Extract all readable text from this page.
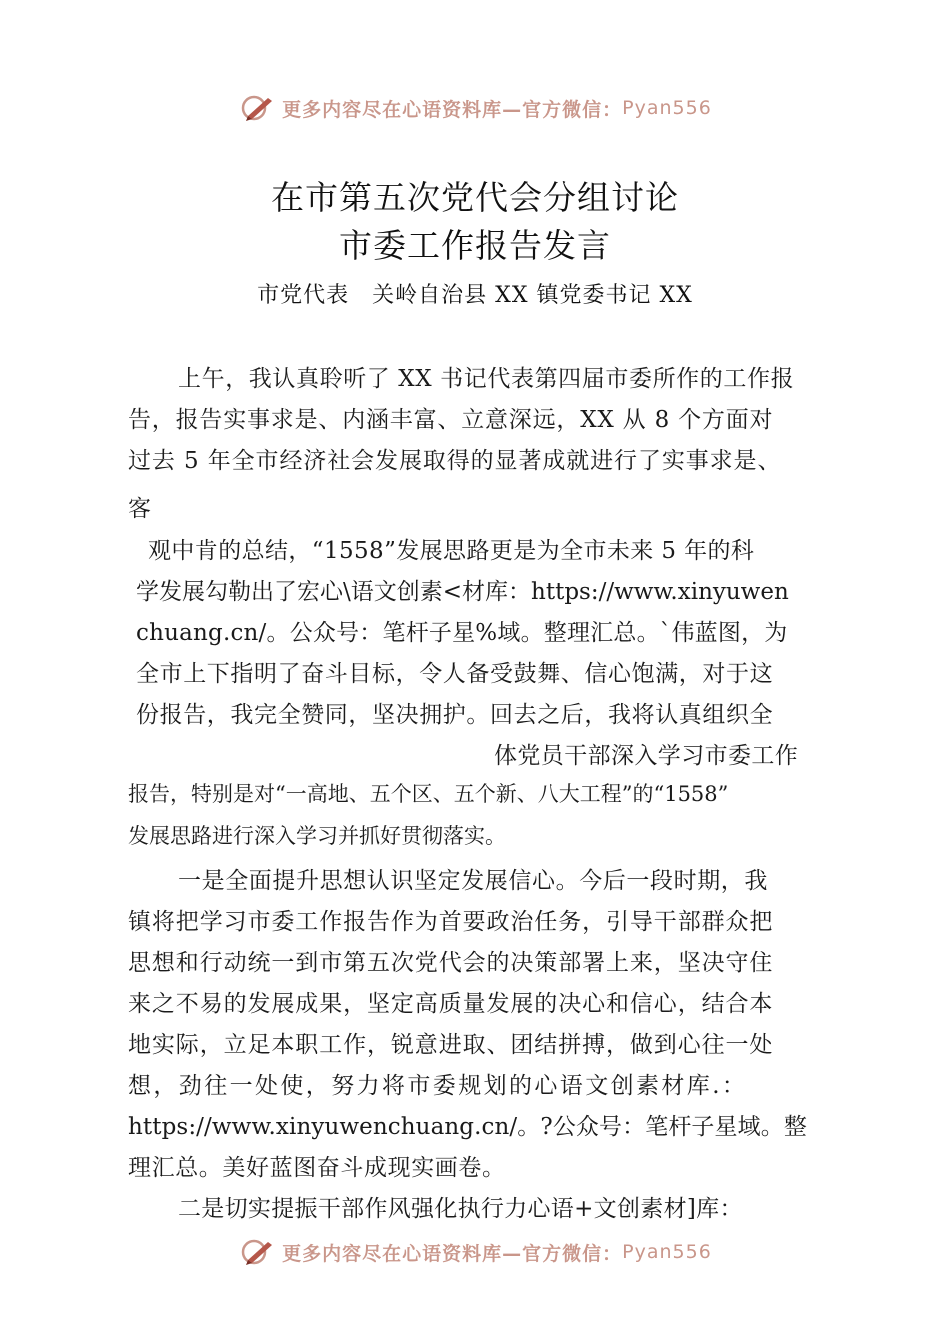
更多内容尽在心语资料库—官方微信： Pyan556
在市第五次党代会分组讨论
市委工作报告发言
市党代表　关岭自治县 XX 镇党委书记 XX
上午，我认真聆听了 XX 书记代表第四届市委所作的工作报
告，报告实事求是、内涵丰富、立意深远，XX 从 8 个方面对
过去 5 年全市经济社会发展取得的显著成就进行了实事求是、
客
观中肯的总结，“1558”发展思路更是为全市未来 5 年的科
学发展勾勒出了宏心\语文创素<材库：https://www.xinyuwen
chuang.cn/。公众号：笔杆子星%域。整理汇总。`伟蓝图，为
全市上下指明了奋斗目标，令人备受鼓舞、信心饱满，对于这
份报告，我完全赞同，坚决拥护。回去之后，我将认真组织全
体党员干部深入学习市委工作
报告，特别是对“一高地、五个区、五个新、八大工程”的“1558”
发展思路进行深入学习并抓好贯彻落实。
一是全面提升思想认识坚定发展信心。今后一段时期，我
镇将把学习市委工作报告作为首要政治任务，引导干部群众把
思想和行动统一到市第五次党代会的决策部署上来，坚决守住
来之不易的发展成果，坚定高质量发展的决心和信心，结合本
地实际，立足本职工作，锐意进取、团结拼搏，做到心往一处
想，劲往一处使，努力将市委规划的心语文创素材库.：
https://www.xinyuwenchuang.cn/。?公众号：笔杆子星域。整
理汇总。美好蓝图奋斗成现实画卷。
二是切实提振干部作风强化执行力心语+文创素材]库：
更多内容尽在心语资料库—官方微信： Pyan556
